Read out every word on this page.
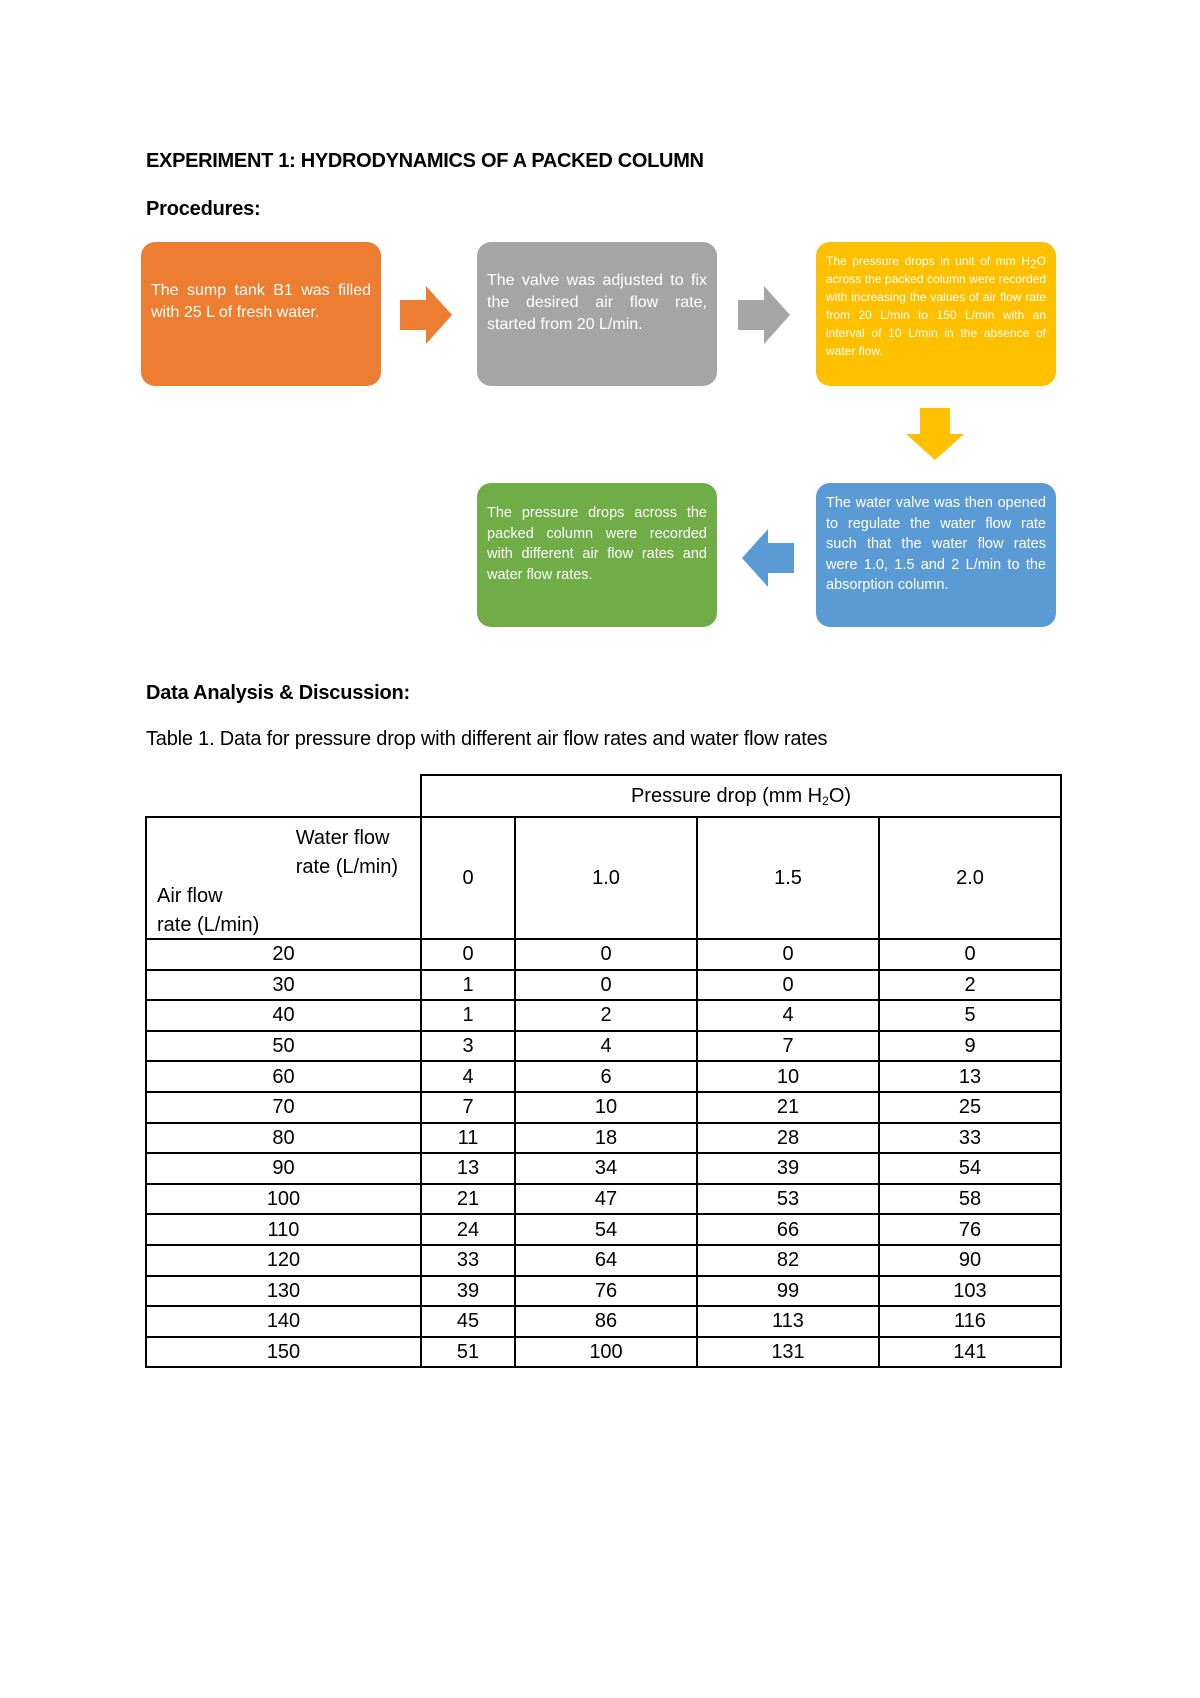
EXPERIMENT 1: HYDRODYNAMICS OF A PACKED COLUMN
Procedures:
The sump tank B1 was filled with 25 L of fresh water.
The valve was adjusted to fix the desired air flow rate, started from 20 L/min.
The pressure drops in unit of mm $H_2O$ across the packed column were recorded with increasing the values of air flow rate from 20 L/min to 150 L/min with an interval of 10 L/min in the absence of water flow.
The water valve was then opened to regulate the water flow rate such that the water flow rates were 1.0, 1.5 and 2 L/min to the absorption column.
The pressure drops across the packed column were recorded with different air flow rates and water flow rates.
Data Analysis & Discussion:
Table 1. Data for pressure drop with different air flow rates and water flow rates
	Pressure drop (mm $H_2O$)			

Water flow
rate (L/min)
Air flow
rate (L/min)	0	1.0	1.5	2.0
20	0	0	0	0
30	1	0	0	2
40	1	2	4	5
50	3	4	7	9
60	4	6	10	13
70	7	10	21	25
80	11	18	28	33
90	13	34	39	54
100	21	47	53	58
110	24	54	66	76
120	33	64	82	90
130	39	76	99	103
140	45	86	113	116
150	51	100	131	141
